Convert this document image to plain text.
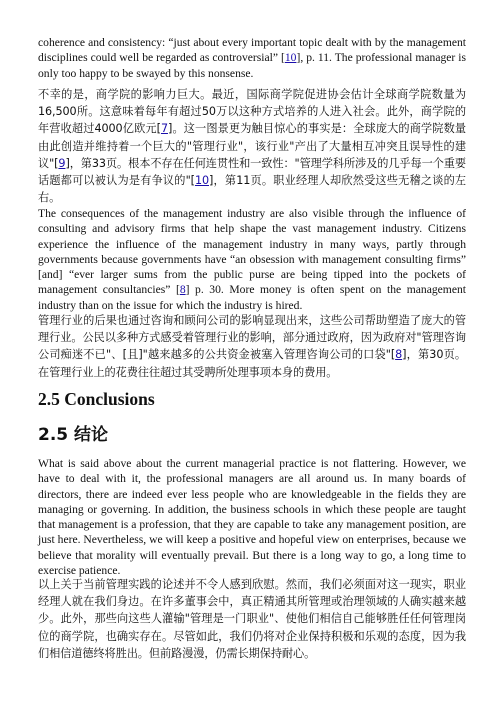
coherence and consistency: “just about every important topic dealt with by the management disciplines could well be regarded as controversial” [10], p. 11. The professional manager is only too happy to be swayed by this nonsense.

不幸的是，商学院的影响力巨大。最近，国际商学院促进协会估计全球商学院数量为16,500所。这意味着每年有超过50万以这种方式培养的人进入社会。此外，商学院的年营收超过4000亿欧元[7]。这一图景更为触目惊心的事实是：全球庞大的商学院数量由此创造并维持着一个巨大的"管理行业"，该行业"产出了大量相互冲突且误导性的建议"[9]，第33页。根本不存在任何连贯性和一致性："管理学科所涉及的几乎每一个重要话题都可以被认为是有争议的"[10]，第11页。职业经理人却欣然受这些无稽之谈的左右。

The consequences of the management industry are also visible through the influence of consulting and advisory firms that help shape the vast management industry. Citizens experience the influence of the management industry in many ways, partly through governments because governments have “an obsession with management consulting firms” [and] “ever larger sums from the public purse are being tipped into the pockets of management consultancies” [8] p. 30. More money is often spent on the management industry than on the issue for which the industry is hired.

管理行业的后果也通过咨询和顾问公司的影响显现出来，这些公司帮助塑造了庞大的管理行业。公民以多种方式感受着管理行业的影响，部分通过政府，因为政府对"管理咨询公司痴迷不已"、[且]"越来越多的公共资金被塞入管理咨询公司的口袋"[8]，第30页。在管理行业上的花费往往超过其受聘所处理事项本身的费用。

2.5 Conclusions
2.5 结论

What is said above about the current managerial practice is not flattering. However, we have to deal with it, the professional managers are all around us. In many boards of directors, there are indeed ever less people who are knowledgeable in the fields they are managing or governing. In addition, the business schools in which these people are taught that management is a profession, that they are capable to take any management position, are just here. Nevertheless, we will keep a positive and hopeful view on enterprises, because we believe that morality will eventually prevail. But there is a long way to go, a long time to exercise patience.

以上关于当前管理实践的论述并不令人感到欣慰。然而，我们必须面对这一现实，职业经理人就在我们身边。在许多董事会中，真正精通其所管理或治理领域的人确实越来越少。此外，那些向这些人灌输"管理是一门职业"、使他们相信自己能够胜任任何管理岗位的商学院，也确实存在。尽管如此，我们仍将对企业保持积极和乐观的态度，因为我们相信道德终将胜出。但前路漫漫，仍需长期保持耐心。
